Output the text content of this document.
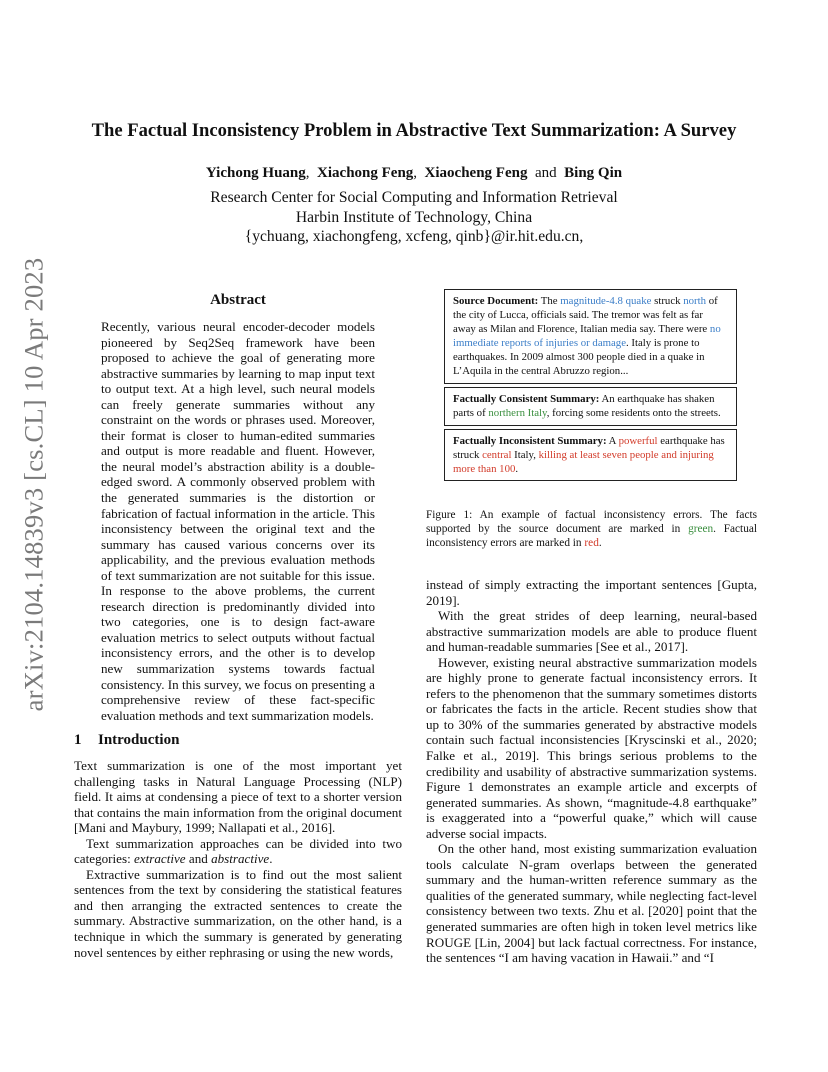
arXiv:2104.14839v3 [cs.CL] 10 Apr 2023
The Factual Inconsistency Problem in Abstractive Text Summarization: A Survey
Yichong Huang, Xiachong Feng, Xiaocheng Feng and Bing Qin
Research Center for Social Computing and Information Retrieval
Harbin Institute of Technology, China
{ychuang, xiachongfeng, xcfeng, qinb}@ir.hit.edu.cn,
Abstract
Recently, various neural encoder-decoder models pioneered by Seq2Seq framework have been proposed to achieve the goal of generating more abstractive summaries by learning to map input text to output text. At a high level, such neural models can freely generate summaries without any constraint on the words or phrases used. Moreover, their format is closer to human-edited summaries and output is more readable and fluent. However, the neural model’s abstraction ability is a double-edged sword. A commonly observed problem with the generated summaries is the distortion or fabrication of factual information in the article. This inconsistency between the original text and the summary has caused various concerns over its applicability, and the previous evaluation methods of text summarization are not suitable for this issue. In response to the above problems, the current research direction is predominantly divided into two categories, one is to design fact-aware evaluation metrics to select outputs without factual inconsistency errors, and the other is to develop new summarization systems towards factual consistency. In this survey, we focus on presenting a comprehensive review of these fact-specific evaluation methods and text summarization models.
1 Introduction

Text summarization is one of the most important yet challenging tasks in Natural Language Processing (NLP) field. It aims at condensing a piece of text to a shorter version that contains the main information from the original document [Mani and Maybury, 1999; Nallapati et al., 2016].

Text summarization approaches can be divided into two categories: extractive and abstractive.

Extractive summarization is to find out the most salient sentences from the text by considering the statistical features and then arranging the extracted sentences to create the summary. Abstractive summarization, on the other hand, is a technique in which the summary is generated by generating novel sentences by either rephrasing or using the new words,

Source Document: The magnitude-4.8 quake struck north of the city of Lucca, officials said. The tremor was felt as far away as Milan and Florence, Italian media say. There were no immediate reports of injuries or damage. Italy is prone to earthquakes. In 2009 almost 300 people died in a quake in L’Aquila in the central Abruzzo region...
Factually Consistent Summary: An earthquake has shaken parts of northern Italy, forcing some residents onto the streets.
Factually Inconsistent Summary: A powerful earthquake has struck central Italy, killing at least seven people and injuring more than 100.
Figure 1: An example of factual inconsistency errors. The facts supported by the source document are marked in green. Factual inconsistency errors are marked in red.

instead of simply extracting the important sentences [Gupta, 2019].

With the great strides of deep learning, neural-based abstractive summarization models are able to produce fluent and human-readable summaries [See et al., 2017].

However, existing neural abstractive summarization models are highly prone to generate factual inconsistency errors. It refers to the phenomenon that the summary sometimes distorts or fabricates the facts in the article. Recent studies show that up to 30% of the summaries generated by abstractive models contain such factual inconsistencies [Kryscinski et al., 2020; Falke et al., 2019]. This brings serious problems to the credibility and usability of abstractive summarization systems. Figure 1 demonstrates an example article and excerpts of generated summaries. As shown, “magnitude-4.8 earthquake” is exaggerated into a “powerful quake,” which will cause adverse social impacts.

On the other hand, most existing summarization evaluation tools calculate N-gram overlaps between the generated summary and the human-written reference summary as the qualities of the generated summary, while neglecting fact-level consistency between two texts. Zhu et al. [2020] point that the generated summaries are often high in token level metrics like ROUGE [Lin, 2004] but lack factual correctness. For instance, the sentences “I am having vacation in Hawaii.” and “I
